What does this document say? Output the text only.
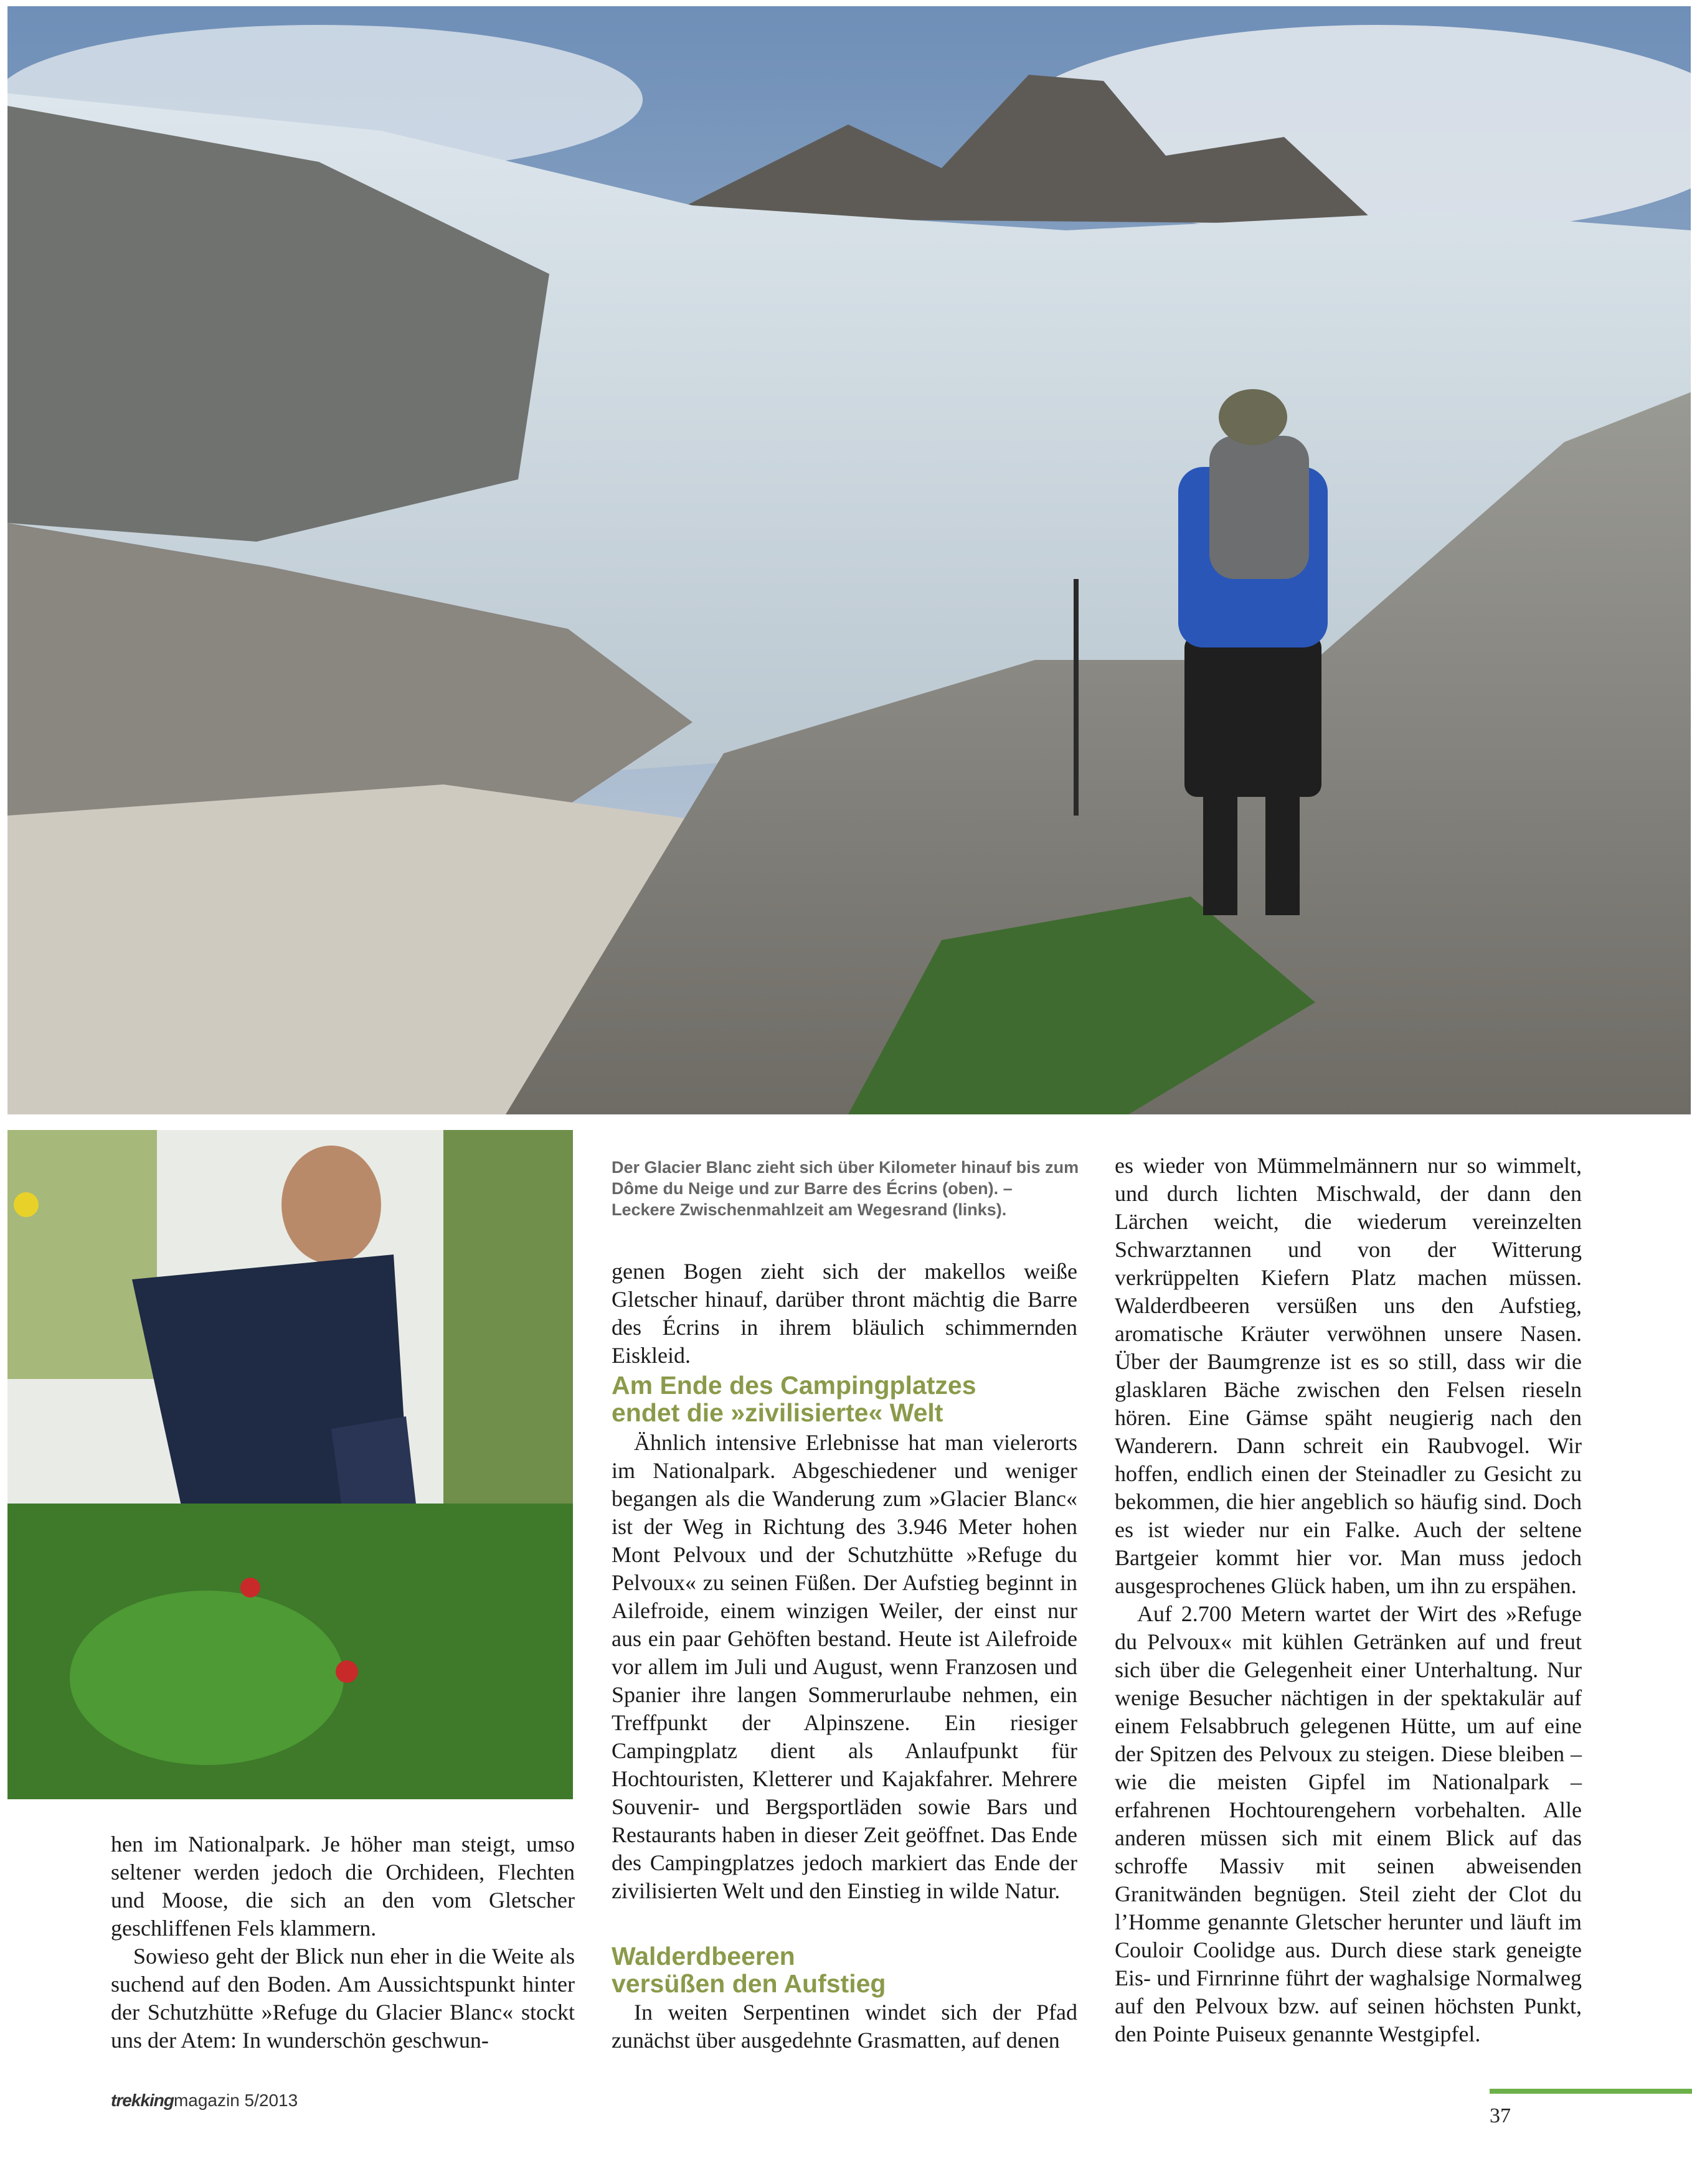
Der Glacier Blanc zieht sich über Kilometer hinauf bis zum Dôme du Neige und zur Barre des Écrins (oben). – Leckere Zwischenmahlzeit am Wegesrand (links).

hen im Nationalpark. Je höher man steigt, umso seltener werden jedoch die Orchideen, Flechten und Moose, die sich an den vom Gletscher geschliffenen Fels klammern.

Sowieso geht der Blick nun eher in die Weite als suchend auf den Boden. Am Aussichtspunkt hinter der Schutzhütte »Refuge du Glacier Blanc« stockt uns der Atem: In wunderschön geschwun-

genen Bogen zieht sich der makellos weiße Gletscher hinauf, darüber thront mächtig die Barre des Écrins in ihrem bläulich schimmernden Eiskleid.

Am Ende des Campingplatzes

endet die »zivilisierte« Welt

Ähnlich intensive Erlebnisse hat man vielerorts im Nationalpark. Abgeschiedener und weniger begangen als die Wanderung zum »Glacier Blanc« ist der Weg in Richtung des 3.946 Meter hohen Mont Pelvoux und der Schutzhütte »Refuge du Pelvoux« zu seinen Füßen. Der Aufstieg beginnt in Ailefroide, einem winzigen Weiler, der einst nur aus ein paar Gehöften bestand. Heute ist Ailefroide vor allem im Juli und August, wenn Franzosen und Spanier ihre langen Sommerurlaube nehmen, ein Treffpunkt der Alpinszene. Ein riesiger Campingplatz dient als Anlaufpunkt für Hochtouristen, Kletterer und Kajakfahrer. Mehrere Souvenir- und Bergsportläden sowie Bars und Restaurants haben in dieser Zeit geöffnet. Das Ende des Campingplatzes jedoch markiert das Ende der zivilisierten Welt und den Einstieg in wilde Natur.

Walderdbeeren

versüßen den Aufstieg

In weiten Serpentinen windet sich der Pfad zunächst über ausgedehnte Grasmatten, auf denen

es wieder von Mümmelmännern nur so wimmelt, und durch lichten Mischwald, der dann den Lärchen weicht, die wiederum vereinzelten Schwarztannen und von der Witterung verkrüppelten Kiefern Platz machen müssen. Walderdbeeren versüßen uns den Aufstieg, aromatische Kräuter verwöhnen unsere Nasen. Über der Baumgrenze ist es so still, dass wir die glasklaren Bäche zwischen den Felsen rieseln hören. Eine Gämse späht neugierig nach den Wanderern. Dann schreit ein Raubvogel. Wir hoffen, endlich einen der Steinadler zu Gesicht zu bekommen, die hier angeblich so häufig sind. Doch es ist wieder nur ein Falke. Auch der seltene Bartgeier kommt hier vor. Man muss jedoch ausgesprochenes Glück haben, um ihn zu erspähen.

Auf 2.700 Metern wartet der Wirt des »Refuge du Pelvoux« mit kühlen Getränken auf und freut sich über die Gelegenheit einer Unterhaltung. Nur wenige Besucher nächtigen in der spektakulär auf einem Felsabbruch gelegenen Hütte, um auf eine der Spitzen des Pelvoux zu steigen. Diese bleiben – wie die meisten Gipfel im Nationalpark – erfahrenen Hochtourengehern vorbehalten. Alle anderen müssen sich mit einem Blick auf das schroffe Massiv mit seinen abweisenden Granitwänden begnügen. Steil zieht der Clot du l’Homme genannte Gletscher herunter und läuft im Couloir Coolidge aus. Durch diese stark geneigte Eis- und Firnrinne führt der waghalsige Normalweg auf den Pelvoux bzw. auf seinen höchsten Punkt, den Pointe Puiseux genannte Westgipfel.

trekkingmagazin 5/2013
37
